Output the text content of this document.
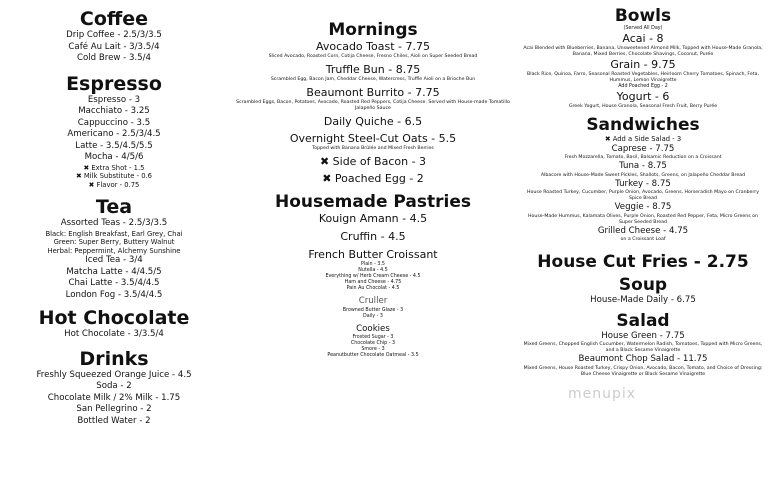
Coffee
Drip Coffee - 2.5/3/3.5
Café Au Lait - 3/3.5/4
Cold Brew - 3.5/4
Espresso
Espresso - 3
Macchiato - 3.25
Cappuccino - 3.5
Americano - 2.5/3/4.5
Latte - 3.5/4.5/5.5
Mocha - 4/5/6
✖ Extra Shot - 1.5
✖ Milk Substitute - 0.6
✖ Flavor - 0.75
Tea
Assorted Teas - 2.5/3/3.5
Black: English Breakfast, Earl Grey, Chai
Green: Super Berry, Buttery Walnut
Herbal: Peppermint, Alchemy Sunshine
Iced Tea - 3/4
Matcha Latte - 4/4.5/5
Chai Latte - 3.5/4/4.5
London Fog - 3.5/4/4.5
Hot Chocolate
Hot Chocolate - 3/3.5/4
Drinks
Freshly Squeezed Orange Juice - 4.5
Soda - 2
Chocolate Milk / 2% Milk - 1.75
San Pellegrino - 2
Bottled Water - 2
Mornings
Avocado Toast - 7.75
Sliced Avocado, Roasted Corn, Cotija Cheese, Fresno Chiles, Aioli on Super Seeded Bread
Truffle Bun - 8.75
Scrambled Egg, Bacon Jam, Cheddar Cheese, Watercress, Truffle Aioli on a Brioche Bun
Beaumont Burrito - 7.75
Scrambled Eggs, Bacon, Potatoes, Avocado, Roasted Red Peppers, Cotija Cheese. Served with House-made Tomatillo Jalapeño Sauce
Daily Quiche - 6.5
Overnight Steel-Cut Oats - 5.5
Topped with Banana Brûlée and Mixed Fresh Berries
✖ Side of Bacon - 3
✖ Poached Egg - 2
Housemade Pastries
Kouign Amann - 4.5
Cruffin - 4.5
French Butter Croissant
Plain - 3.5
Nutella - 4.5
Everything w/ Herb Cream Cheese - 4.5
Ham and Cheese - 4.75
Pain Au Chocolat - 4.5
Cruller
Browned Butter Glaze - 3
Daily - 3
Cookies
Frosted Sugar - 3
Chocolate Chip - 3
Smore - 3
Peanutbutter Chocolate Oatmeal - 3.5
Bowls
(Served All Day)
Acai - 8
Acai Blended with Blueberries, Banana, Unsweetened Almond Milk, Topped with House-Made Granola, Banana, Mixed Berries, Chocolate Shavings, Coconut, Purée
Grain - 9.75
Black Rice, Quinoa, Farro, Seasonal Roasted Vegetables, Heirloom Cherry Tomatoes, Spinach, Feta, Hummus, Lemon Vinaigrette
Add Poached Egg - 2
Yogurt - 6
Greek Yogurt, House Granola, Seasonal Fresh Fruit, Berry Purée
Sandwiches
✖ Add a Side Salad - 3
Caprese - 7.75
Fresh Mozzarella, Tomato, Basil, Balsamic Reduction on a Croissant
Tuna - 8.75
Albacore with House-Made Sweet Pickles, Shallots, Greens, on Jalapeño Cheddar Bread
Turkey - 8.75
House Roasted Turkey, Cucumber, Purple Onion, Avocado, Greens, Horseradish Mayo on Cranberry Spice Bread
Veggie - 8.75
House-Made Hummus, Kalamata Olives, Purple Onion, Roasted Red Pepper, Feta, Micro Greens on Super Seeded Bread
Grilled Cheese - 4.75
on a Croissant Loaf
House Cut Fries - 2.75
Soup
House-Made Daily - 6.75
Salad
House Green - 7.75
Mixed Greens, Chopped English Cucumber, Watermelon Radish, Tomatoes, Topped with Micro Greens, and a Black Sesame Vinaigrette
Beaumont Chop Salad - 11.75
Mixed Greens, House Roasted Turkey, Crispy Onion, Avocado, Bacon, Tomato, and Choice of Dressing: Blue Cheese Vinaigrette or Black Sesame Vinaigrette
menupix
